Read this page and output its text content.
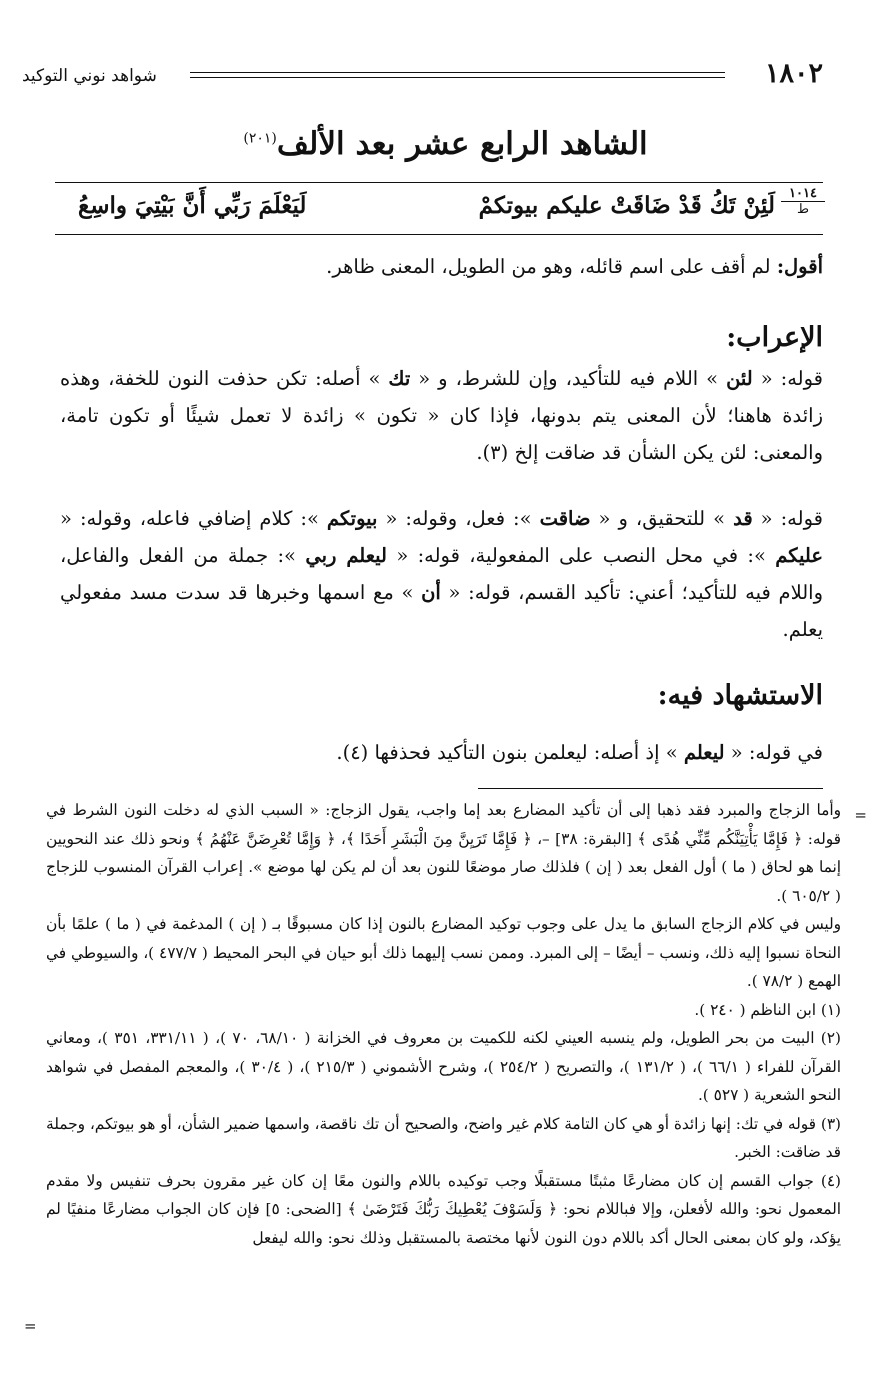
١٨٠٢
شواهد نوني التوكيد
الشاهد الرابع عشر بعد الألف$^{(٢٠١)}$
١٠١٤
ط
لَئِنْ تَكُ قَدْ ضَاقَتْ عليكم بيوتكمْ
لَيَعْلَمَ رَبِّي أَنَّ بَيْتِيَ واسِعُ
أقول: لم أقف على اسم قائله، وهو من الطويل، المعنى ظاهر.
الإعراب:
قوله: « لئن » اللام فيه للتأكيد، وإن للشرط، و « تك » أصله: تكن حذفت النون للخفة، وهذه زائدة هاهنا؛ لأن المعنى يتم بدونها، فإذا كان « تكون » زائدة لا تعمل شيئًا أو تكون تامة، والمعنى: لئن يكن الشأن قد ضاقت إلخ (٣).
قوله: « قد » للتحقيق، و « ضاقت »: فعل، وقوله: « بيوتكم »: كلام إضافي فاعله، وقوله: « عليكم »: في محل النصب على المفعولية، قوله: « ليعلم ربي »: جملة من الفعل والفاعل، واللام فيه للتأكيد؛ أعني: تأكيد القسم، قوله: « أن » مع اسمها وخبرها قد سدت مسد مفعولي يعلم.
الاستشهاد فيه:
في قوله: « ليعلم » إذ أصله: ليعلمن بنون التأكيد فحذفها (٤).
=

وأما الزجاج والمبرد فقد ذهبا إلى أن تأكيد المضارع بعد إما واجب، يقول الزجاج: « السبب الذي له دخلت النون الشرط في قوله: ﴿ فَإِمَّا يَأْتِيَنَّكُم مِّنِّي هُدًى ﴾ [البقرة: ٣٨] –، ﴿ فَإِمَّا تَرَيِنَّ مِنَ الْبَشَرِ أَحَدًا ﴾، ﴿ وَإِمَّا تُعْرِضَنَّ عَنْهُمُ ﴾ ونحو ذلك عند النحويين إنما هو لحاق ( ما ) أول الفعل بعد ( إن ) فلذلك صار موضعًا للنون بعد أن لم يكن لها موضع ». إعراب القرآن المنسوب للزجاج ( ٦٠٥/٢ ).

وليس في كلام الزجاج السابق ما يدل على وجوب توكيد المضارع بالنون إذا كان مسبوقًا بـ ( إن ) المدغمة في ( ما ) علمًا بأن النحاة نسبوا إليه ذلك، ونسب – أيضًا – إلى المبرد. وممن نسب إليهما ذلك أبو حيان في البحر المحيط ( ٤٧٧/٧ )، والسيوطي في الهمع ( ٧٨/٢ ).

(١) ابن الناظم ( ٢٤٠ ).

(٢) البيت من بحر الطويل، ولم ينسبه العيني لكنه للكميت بن معروف في الخزانة ( ٦٨/١٠، ٧٠ )، ( ٣٣١/١١، ٣٥١ )، ومعاني القرآن للفراء ( ٦٦/١ )، ( ١٣١/٢ )، والتصريح ( ٢٥٤/٢ )، وشرح الأشموني ( ٢١٥/٣ )، ( ٣٠/٤ )، والمعجم المفصل في شواهد النحو الشعرية ( ٥٢٧ ).

(٣) قوله في تك: إنها زائدة أو هي كان التامة كلام غير واضح، والصحيح أن تك ناقصة، واسمها ضمير الشأن، أو هو بيوتكم، وجملة قد ضاقت: الخبر.

(٤) جواب القسم إن كان مضارعًا مثبتًا مستقبلًا وجب توكيده باللام والنون معًا إن كان غير مقرون بحرف تنفيس ولا مقدم المعمول نحو: والله لأفعلن، وإلا فباللام نحو: ﴿ وَلَسَوْفَ يُعْطِيكَ رَبُّكَ فَتَرْضَىٰ ﴾ [الضحى: ٥] فإن كان الجواب مضارعًا منفيًا لم يؤكد، ولو كان بمعنى الحال أكد باللام دون النون لأنها مختصة بالمستقبل وذلك نحو: والله ليفعل

=
